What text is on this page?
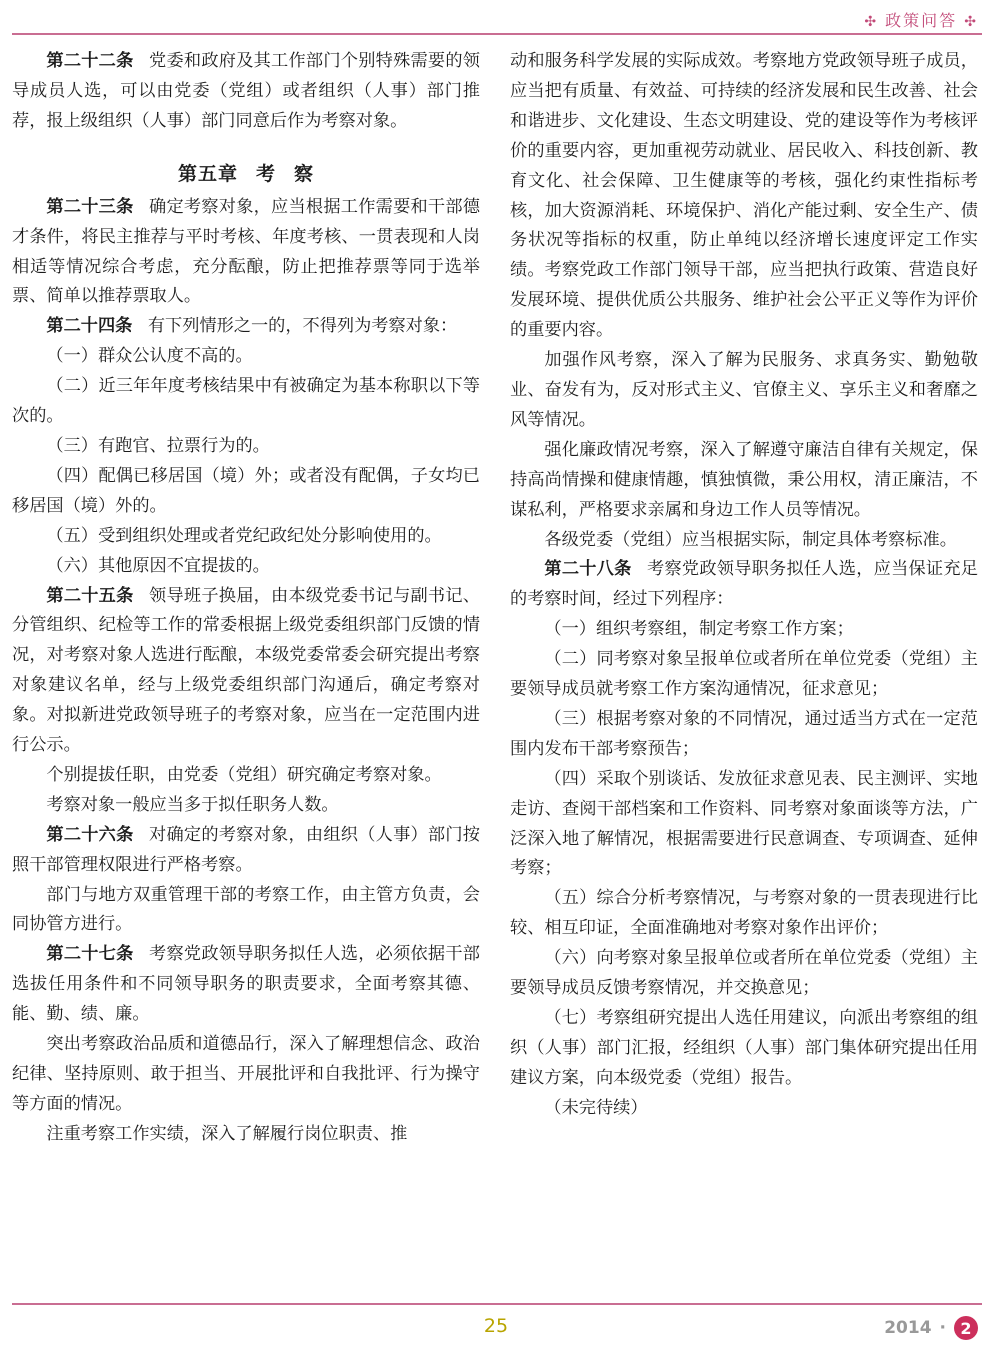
✣ 政策问答 ✣

第二十二条 党委和政府及其工作部门个别特殊需要的领导成员人选，可以由党委（党组）或者组织（人事）部门推荐，报上级组织（人事）部门同意后作为考察对象。

第五章 考 察

第二十三条 确定考察对象，应当根据工作需要和干部德才条件，将民主推荐与平时考核、年度考核、一贯表现和人岗相适等情况综合考虑，充分酝酿，防止把推荐票等同于选举票、简单以推荐票取人。

第二十四条 有下列情形之一的，不得列为考察对象：

（一）群众公认度不高的。

（二）近三年年度考核结果中有被确定为基本称职以下等次的。

（三）有跑官、拉票行为的。

（四）配偶已移居国（境）外；或者没有配偶，子女均已移居国（境）外的。

（五）受到组织处理或者党纪政纪处分影响使用的。

（六）其他原因不宜提拔的。

第二十五条 领导班子换届，由本级党委书记与副书记、分管组织、纪检等工作的常委根据上级党委组织部门反馈的情况，对考察对象人选进行酝酿，本级党委常委会研究提出考察对象建议名单，经与上级党委组织部门沟通后，确定考察对象。对拟新进党政领导班子的考察对象，应当在一定范围内进行公示。

个别提拔任职，由党委（党组）研究确定考察对象。

考察对象一般应当多于拟任职务人数。

第二十六条 对确定的考察对象，由组织（人事）部门按照干部管理权限进行严格考察。

部门与地方双重管理干部的考察工作，由主管方负责，会同协管方进行。

第二十七条 考察党政领导职务拟任人选，必须依据干部选拔任用条件和不同领导职务的职责要求，全面考察其德、能、勤、绩、廉。

突出考察政治品质和道德品行，深入了解理想信念、政治纪律、坚持原则、敢于担当、开展批评和自我批评、行为操守等方面的情况。

注重考察工作实绩，深入了解履行岗位职责、推

动和服务科学发展的实际成效。考察地方党政领导班子成员，应当把有质量、有效益、可持续的经济发展和民生改善、社会和谐进步、文化建设、生态文明建设、党的建设等作为考核评价的重要内容，更加重视劳动就业、居民收入、科技创新、教育文化、社会保障、卫生健康等的考核，强化约束性指标考核，加大资源消耗、环境保护、消化产能过剩、安全生产、债务状况等指标的权重，防止单纯以经济增长速度评定工作实绩。考察党政工作部门领导干部，应当把执行政策、营造良好发展环境、提供优质公共服务、维护社会公平正义等作为评价的重要内容。

加强作风考察，深入了解为民服务、求真务实、勤勉敬业、奋发有为，反对形式主义、官僚主义、享乐主义和奢靡之风等情况。

强化廉政情况考察，深入了解遵守廉洁自律有关规定，保持高尚情操和健康情趣，慎独慎微，秉公用权，清正廉洁，不谋私利，严格要求亲属和身边工作人员等情况。

各级党委（党组）应当根据实际，制定具体考察标准。

第二十八条 考察党政领导职务拟任人选，应当保证充足的考察时间，经过下列程序：

（一）组织考察组，制定考察工作方案；

（二）同考察对象呈报单位或者所在单位党委（党组）主要领导成员就考察工作方案沟通情况，征求意见；

（三）根据考察对象的不同情况，通过适当方式在一定范围内发布干部考察预告；

（四）采取个别谈话、发放征求意见表、民主测评、实地走访、查阅干部档案和工作资料、同考察对象面谈等方法，广泛深入地了解情况，根据需要进行民意调查、专项调查、延伸考察；

（五）综合分析考察情况，与考察对象的一贯表现进行比较、相互印证，全面准确地对考察对象作出评价；

（六）向考察对象呈报单位或者所在单位党委（党组）主要领导成员反馈考察情况，并交换意见；

（七）考察组研究提出人选任用建议，向派出考察组的组织（人事）部门汇报，经组织（人事）部门集体研究提出任用建议方案，向本级党委（党组）报告。

（未完待续）

25	2014 · 2
